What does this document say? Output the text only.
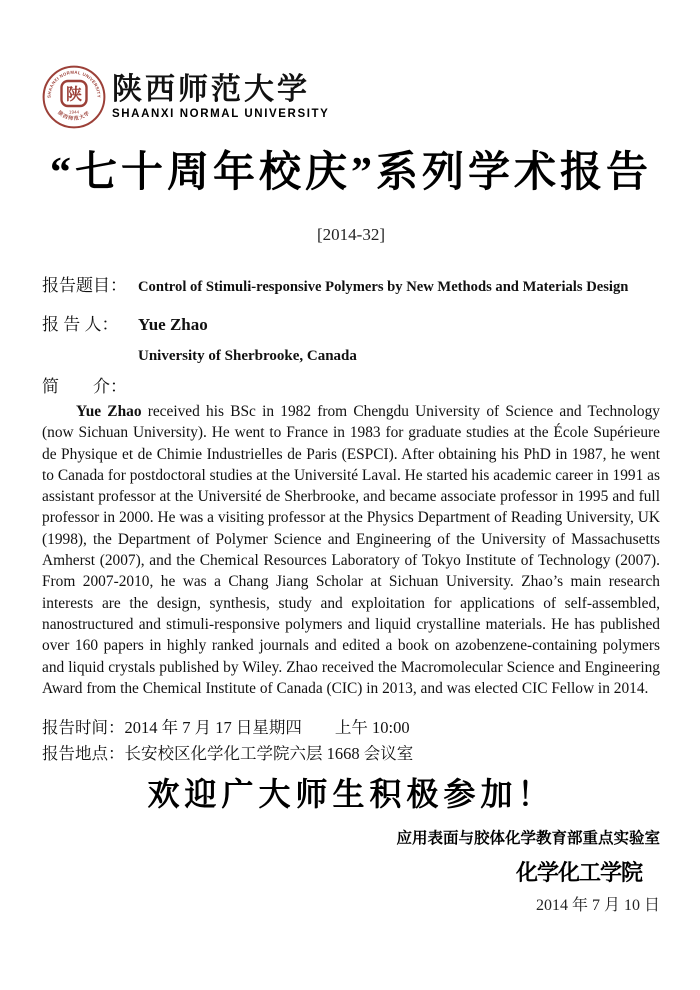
SHAANXI NORMAL UNIVERSITY
陕
1944
陕西师范大学
陕西师范大学
SHAANXI NORMAL UNIVERSITY
“七十周年校庆”系列学术报告
[2014-32]
报告题目： Control of Stimuli-responsive Polymers by New Methods and Materials Design
报 告 人：	Yue Zhao
University of Sherbrooke, Canada
简　　介：

Yue Zhao received his BSc in 1982 from Chengdu University of Science and Technology (now Sichuan University). He went to France in 1983 for graduate studies at the École Supérieure de Physique et de Chimie Industrielles de Paris (ESPCI). After obtaining his PhD in 1987, he went to Canada for postdoctoral studies at the Université Laval. He started his academic career in 1991 as assistant professor at the Université de Sherbrooke, and became associate professor in 1995 and full professor in 2000. He was a visiting professor at the Physics Department of Reading University, UK (1998), the Department of Polymer Science and Engineering of the University of Massachusetts Amherst (2007), and the Chemical Resources Laboratory of Tokyo Institute of Technology (2007). From 2007-2010, he was a Chang Jiang Scholar at Sichuan University. Zhao’s main research interests are the design, synthesis, study and exploitation for applications of self-assembled, nanostructured and stimuli-responsive polymers and liquid crystalline materials. He has published over 160 papers in highly ranked journals and edited a book on azobenzene-containing polymers and liquid crystals published by Wiley. Zhao received the Macromolecular Science and Engineering Award from the Chemical Institute of Canada (CIC) in 2013, and was elected CIC Fellow in 2014.

报告时间： 2014 年 7 月 17 日星期四　　上午 10:00
报告地点： 长安校区化学化工学院六层 1668 会议室
欢迎广大师生积极参加！
应用表面与胶体化学教育部重点实验室
化学化工学院
2014 年 7 月 10 日
